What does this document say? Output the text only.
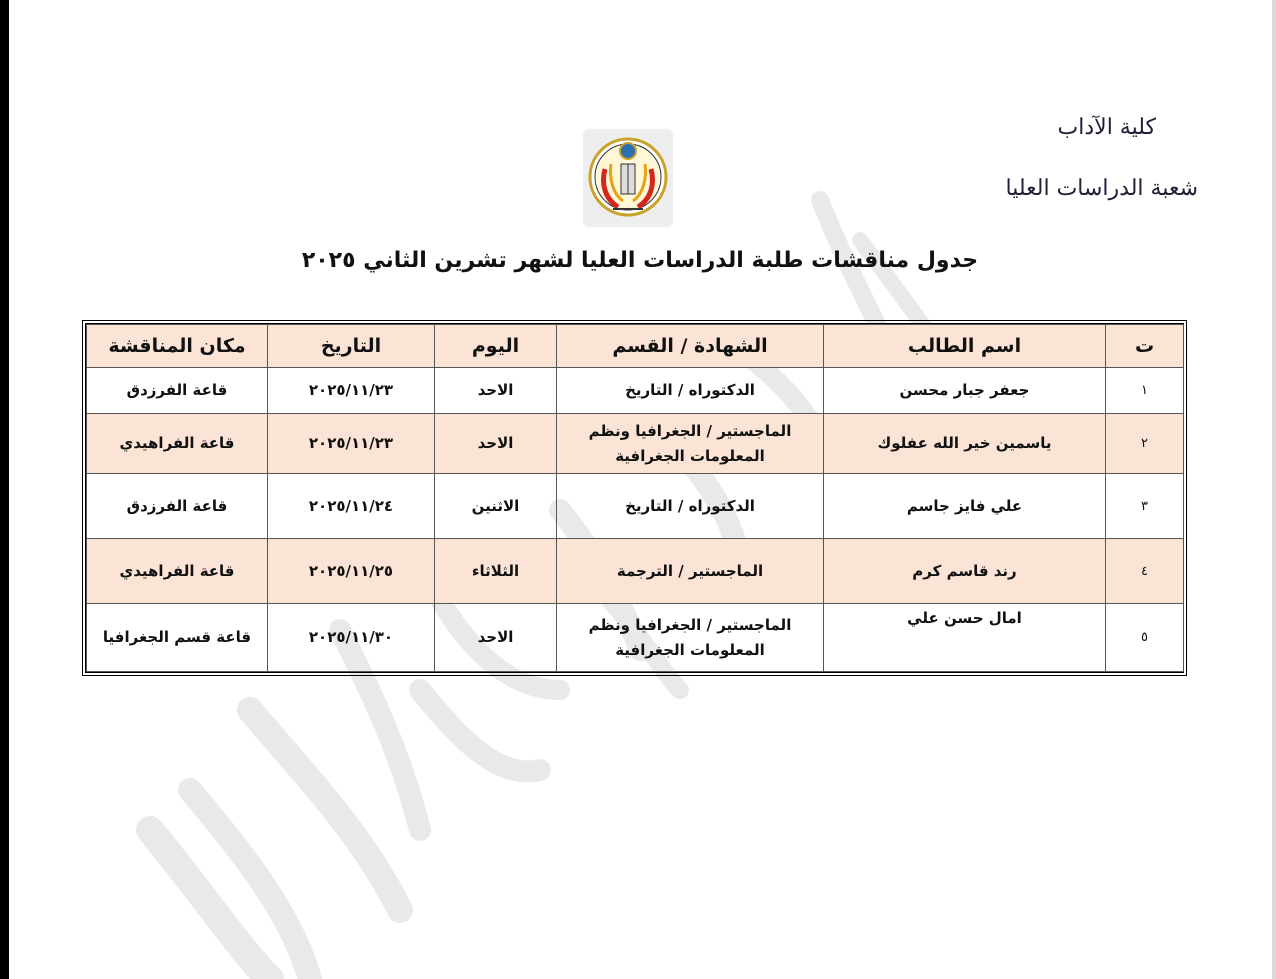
كلية الآداب
شعبة الدراسات العليا
جدول مناقشات طلبة الدراسات العليا لشهر تشرين الثاني ٢٠٢٥
ت	اسم الطالب	الشهادة / القسم	اليوم	التاريخ	مكان المناقشة
١	جعفر جبار محسن	الدكتوراه / التاريخ	الاحد	٢٠٢٥/١١/٢٣	قاعة الفرزدق
٢	ياسمين خير الله عفلوك	الماجستير / الجغرافيا ونظم المعلومات الجغرافية	الاحد	٢٠٢٥/١١/٢٣	قاعة الفراهيدي
٣	علي فايز جاسم	الدكتوراه / التاريخ	الاثنين	٢٠٢٥/١١/٢٤	قاعة الفرزدق
٤	رند قاسم كرم	الماجستير / الترجمة	الثلاثاء	٢٠٢٥/١١/٢٥	قاعة الفراهيدي
٥	امال حسن علي	الماجستير / الجغرافيا ونظم المعلومات الجغرافية	الاحد	٢٠٢٥/١١/٣٠	قاعة قسم الجغرافيا
